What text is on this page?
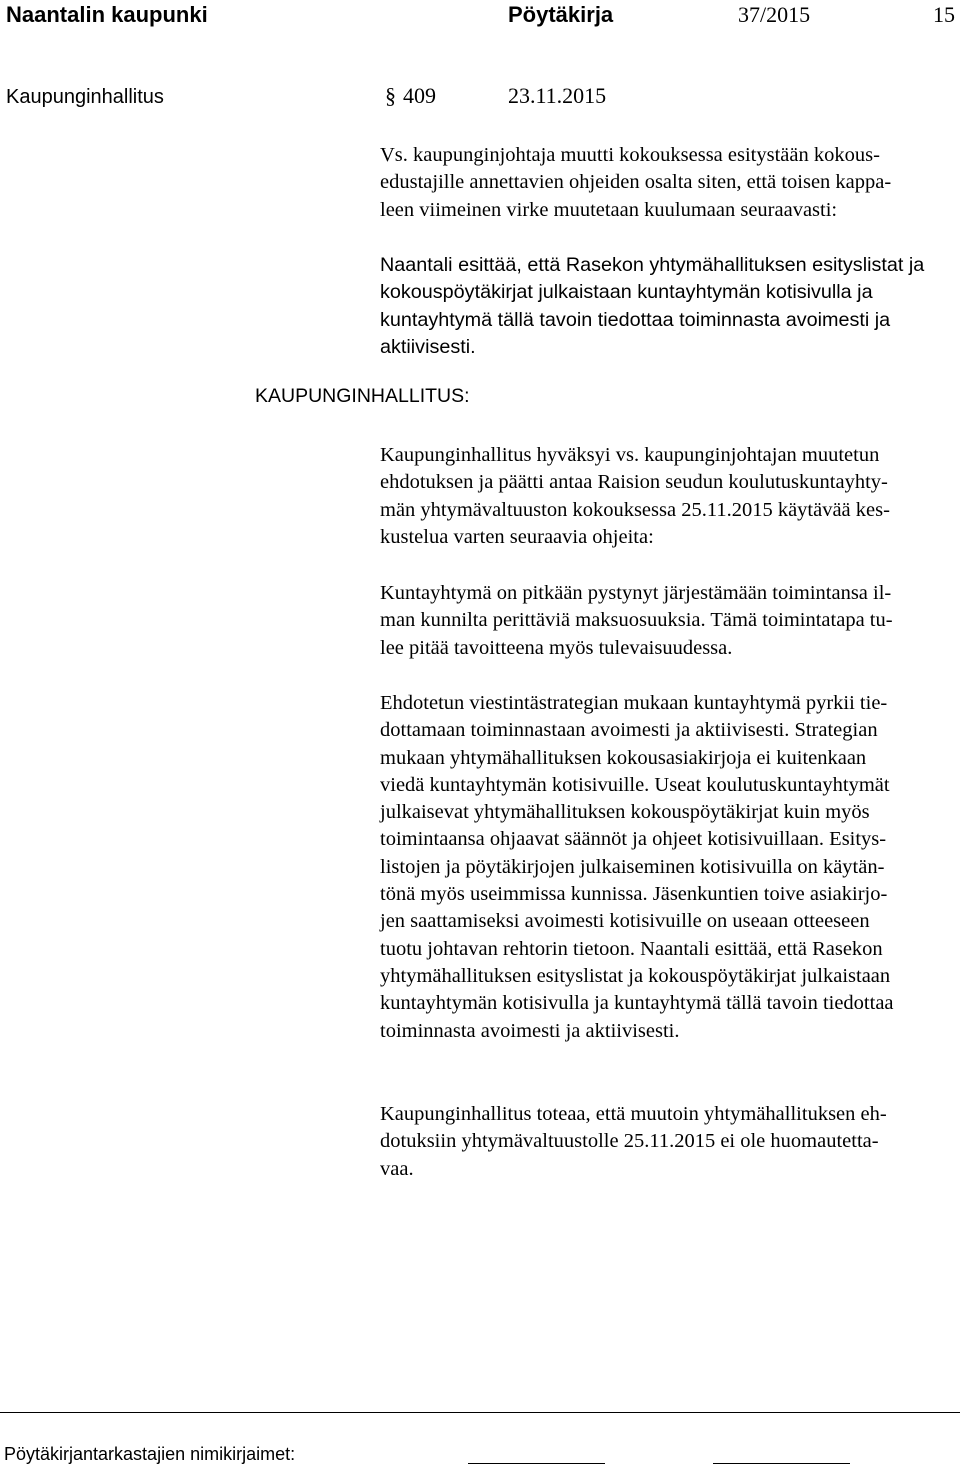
Naantalin kaupunki	Pöytäkirja	37/2015	15
Kaupunginhallitus	§ 409	23.11.2015

Vs. kaupunginjohtaja muutti kokouksessa esitystään kokous-

edustajille annettavien ohjeiden osalta siten, että toisen kappa-

leen viimeinen virke muutetaan kuulumaan seuraavasti:

Naantali esittää, että Rasekon yhtymähallituksen esityslistat ja

kokouspöytäkirjat julkaistaan kuntayhtymän kotisivulla ja

kuntayhtymä tällä tavoin tiedottaa toiminnasta avoimesti ja

aktiivisesti.

KAUPUNGINHALLITUS:

Kaupunginhallitus hyväksyi vs. kaupunginjohtajan muutetun

ehdotuksen ja päätti antaa Raision seudun koulutuskuntayhty-

män yhtymävaltuuston kokouksessa 25.11.2015 käytävää kes-

kustelua varten seuraavia ohjeita:

Kuntayhtymä on pitkään pystynyt järjestämään toimintansa il-

man kunnilta perittäviä maksuosuuksia. Tämä toimintatapa tu-

lee pitää tavoitteena myös tulevaisuudessa.

Ehdotetun viestintästrategian mukaan kuntayhtymä pyrkii tie-

dottamaan toiminnastaan avoimesti ja aktiivisesti. Strategian

mukaan yhtymähallituksen kokousasiakirjoja ei kuitenkaan

viedä kuntayhtymän kotisivuille. Useat koulutuskuntayhtymät

julkaisevat yhtymähallituksen kokouspöytäkirjat kuin myös

toimintaansa ohjaavat säännöt ja ohjeet kotisivuillaan. Esitys-

listojen ja pöytäkirjojen julkaiseminen kotisivuilla on käytän-

tönä myös useimmissa kunnissa. Jäsenkuntien toive asiakirjo-

jen saattamiseksi avoimesti kotisivuille on useaan otteeseen

tuotu johtavan rehtorin tietoon. Naantali esittää, että Rasekon

yhtymähallituksen esityslistat ja kokouspöytäkirjat julkaistaan

kuntayhtymän kotisivulla ja kuntayhtymä tällä tavoin tiedottaa

toiminnasta avoimesti ja aktiivisesti.

Kaupunginhallitus toteaa, että muutoin yhtymähallituksen eh-

dotuksiin yhtymävaltuustolle 25.11.2015 ei ole huomautetta-

vaa.

Pöytäkirjantarkastajien nimikirjaimet:
